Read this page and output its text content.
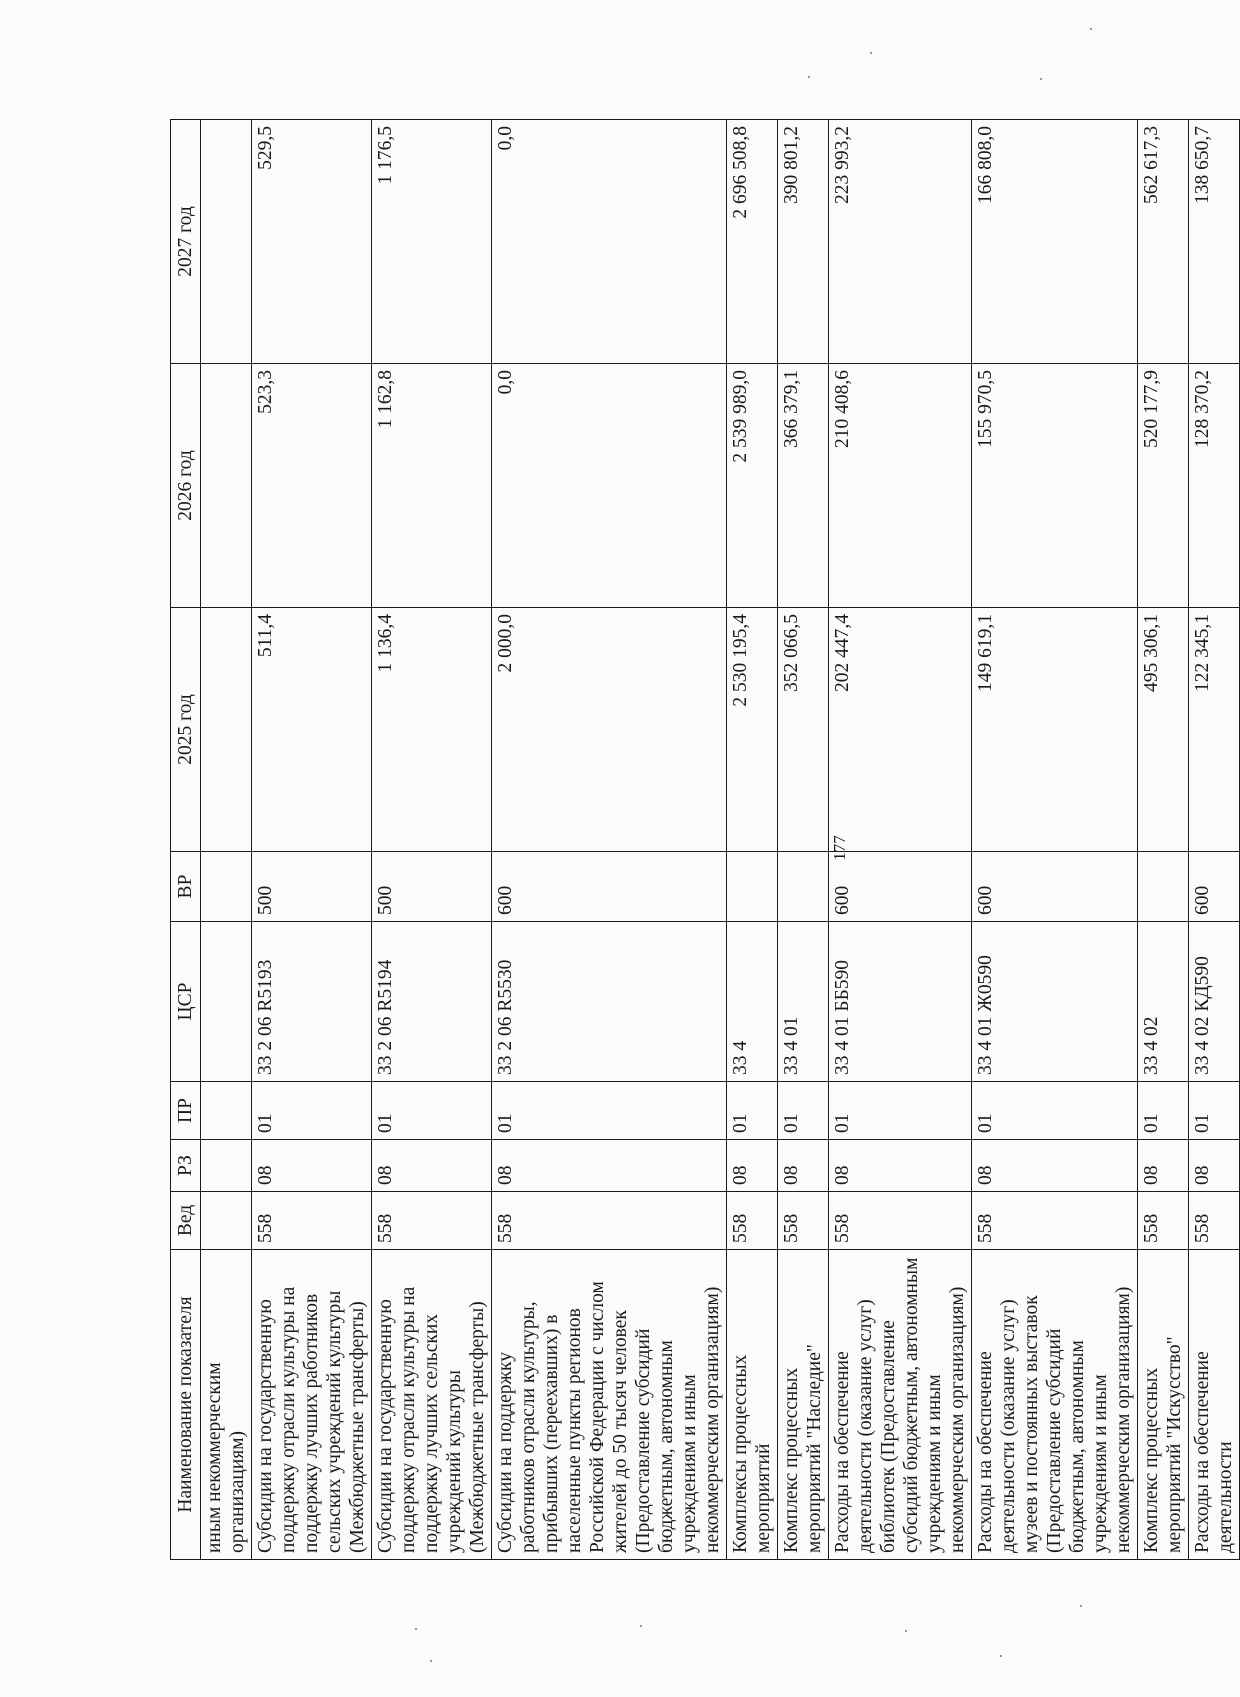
177
Наименование показателя	Вед	РЗ	ПР	ЦСР	ВР	2025 год	2026 год	2027 год
иным некоммерческим организациям)								
Субсидии на государственную поддержку отрасли культуры на поддержку лучших работников сельских учреждений культуры (Межбюджетные трансферты)	558	08	01	33 2 06 R5193	500	511,4	523,3	529,5
Субсидии на государственную поддержку отрасли культуры на поддержку лучших сельских учреждений культуры (Межбюджетные трансферты)	558	08	01	33 2 06 R5194	500	1 136,4	1 162,8	1 176,5
Субсидии на поддержку работников отрасли культуры, прибывших (переехавших) в населенные пункты регионов Российской Федерации с числом жителей до 50 тысяч человек (Предоставление субсидий бюджетным, автономным учреждениям и иным некоммерческим организациям)	558	08	01	33 2 06 R5530	600	2 000,0	0,0	0,0
Комплексы процессных мероприятий	558	08	01	33 4		2 530 195,4	2 539 989,0	2 696 508,8
Комплекс процессных мероприятий "Наследие"	558	08	01	33 4 01		352 066,5	366 379,1	390 801,2
Расходы на обеспечение деятельности (оказание услуг) библиотек (Предоставление субсидий бюджетным, автономным учреждениям и иным некоммерческим организациям)	558	08	01	33 4 01 ББ590	600	202 447,4	210 408,6	223 993,2
Расходы на обеспечение деятельности (оказание услуг) музеев и постоянных выставок (Предоставление субсидий бюджетным, автономным учреждениям и иным некоммерческим организациям)	558	08	01	33 4 01 Ж0590	600	149 619,1	155 970,5	166 808,0
Комплекс процессных мероприятий "Искусство"	558	08	01	33 4 02		495 306,1	520 177,9	562 617,3
Расходы на обеспечение деятельности	558	08	01	33 4 02 КД590	600	122 345,1	128 370,2	138 650,7
